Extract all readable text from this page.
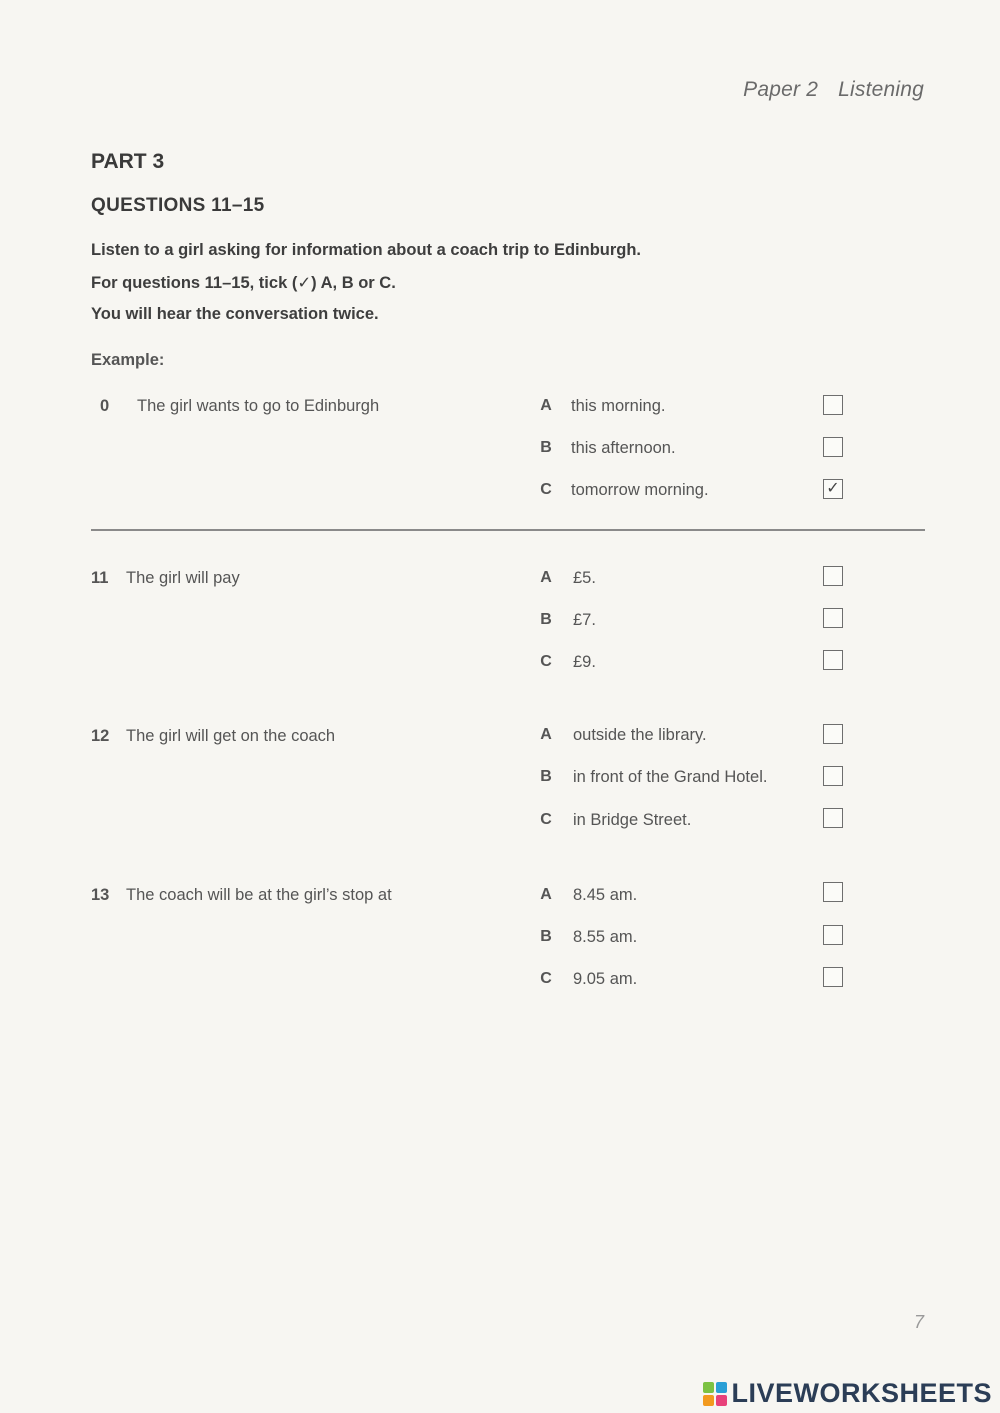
Paper 2 Listening
PART 3
QUESTIONS 11–15
Listen to a girl asking for information about a coach trip to Edinburgh.
For questions 11–15, tick (✓) A, B or C.
You will hear the conversation twice.
Example:
0 The girl wants to go to Edinburgh	A this morning.
B this afternoon.
C tomorrow morning.	✓
11 The girl will pay	A £5.
B £7.
C £9.
12 The girl will get on the coach	A outside the library.
B in front of the Grand Hotel.
C in Bridge Street.
13 The coach will be at the girl’s stop at	A 8.45 am.
B 8.55 am.
C 9.05 am.
7
LIVEWORKSHEETS
